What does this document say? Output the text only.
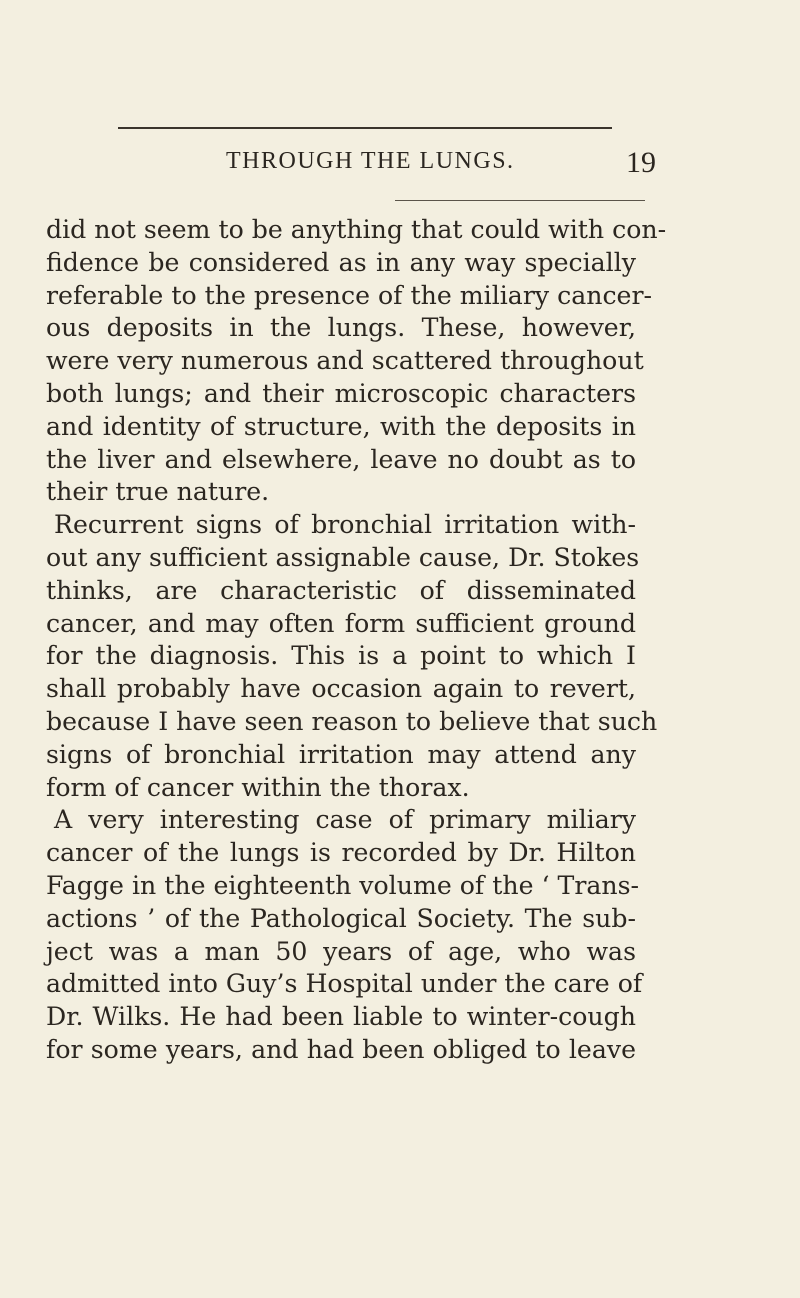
THROUGH THE LUNGS.	19
did not seem to be anything that could with con-
fidence be considered as in any way specially
referable to the presence of the miliary cancer-
ous deposits in the lungs. These, however,
were very numerous and scattered throughout
both lungs; and their microscopic characters
and identity of structure, with the deposits in
the liver and elsewhere, leave no doubt as to
their true nature.
Recurrent signs of bronchial irritation with-
out any sufficient assignable cause, Dr. Stokes
thinks, are characteristic of disseminated
cancer, and may often form sufficient ground
for the diagnosis. This is a point to which I
shall probably have occasion again to revert,
because I have seen reason to believe that such
signs of bronchial irritation may attend any
form of cancer within the thorax.
A very interesting case of primary miliary
cancer of the lungs is recorded by Dr. Hilton
Fagge in the eighteenth volume of the ‘ Trans-
actions ’ of the Pathological Society. The sub-
ject was a man 50 years of age, who was
admitted into Guy’s Hospital under the care of
Dr. Wilks. He had been liable to winter-cough
for some years, and had been obliged to leave
